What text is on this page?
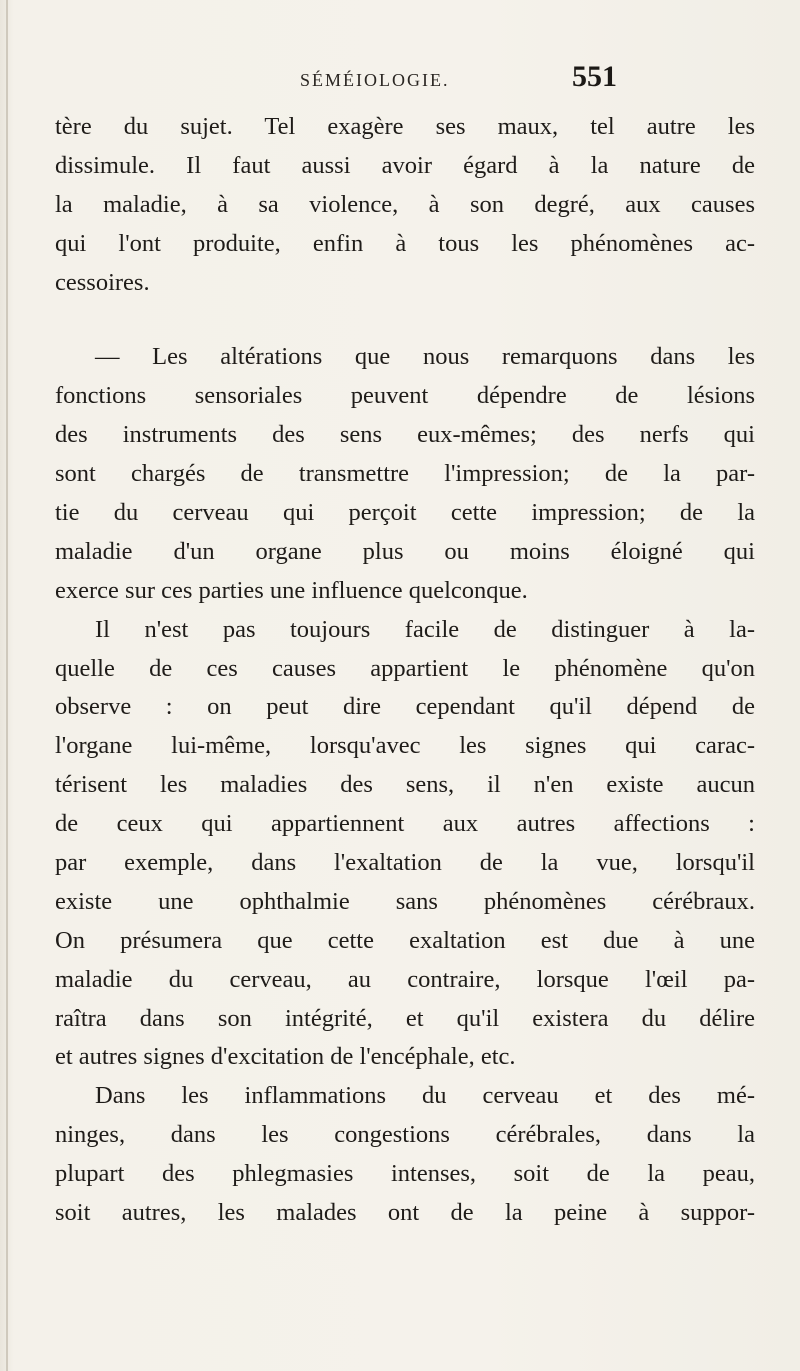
SÉMÉIOLOGIE.	551
tère du sujet. Tel exagère ses maux, tel autre les
dissimule. Il faut aussi avoir égard à la nature de
la maladie, à sa violence, à son degré, aux causes
qui l'ont produite, enfin à tous les phénomènes ac-
cessoires.
— Les altérations que nous remarquons dans les
fonctions sensoriales peuvent dépendre de lésions
des instruments des sens eux-mêmes; des nerfs qui
sont chargés de transmettre l'impression; de la par-
tie du cerveau qui perçoit cette impression; de la
maladie d'un organe plus ou moins éloigné qui
exerce sur ces parties une influence quelconque.
Il n'est pas toujours facile de distinguer à la-
quelle de ces causes appartient le phénomène qu'on
observe : on peut dire cependant qu'il dépend de
l'organe lui-même, lorsqu'avec les signes qui carac-
térisent les maladies des sens, il n'en existe aucun
de ceux qui appartiennent aux autres affections :
par exemple, dans l'exaltation de la vue, lorsqu'il
existe une ophthalmie sans phénomènes cérébraux.
On présumera que cette exaltation est due à une
maladie du cerveau, au contraire, lorsque l'œil pa-
raîtra dans son intégrité, et qu'il existera du délire
et autres signes d'excitation de l'encéphale, etc.
Dans les inflammations du cerveau et des mé-
ninges, dans les congestions cérébrales, dans la
plupart des phlegmasies intenses, soit de la peau,
soit autres, les malades ont de la peine à suppor-
